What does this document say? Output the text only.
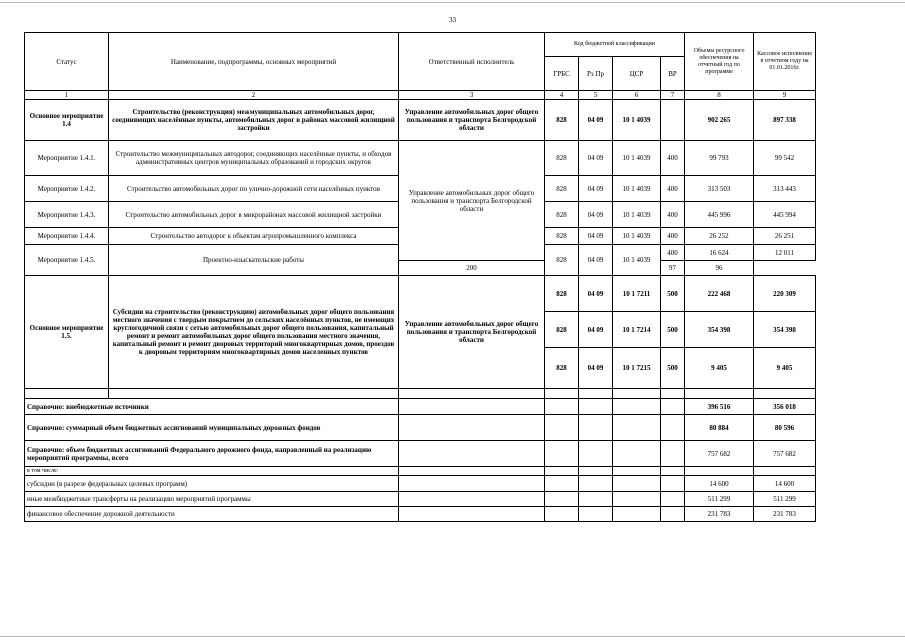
33
Статус	Наименование, подпрограммы, основных мероприятий	Ответственный исполнитель	Код бюджетной классификации				Объемы ресурсного обеспечения на отчетный год по программе	Кассовое исполнение в отчетном году на 01.01.2016г.
			ГРБС	Рз Пр	ЦСР	ВР		
1	2	3	4	5	6	7	8	9
Основное мероприятие 1.4	Строительство (реконструкция) межмуниципальных автомобильных дорог, соединяющих населённые пункты, автомобильных дорог в районах массовой жилищной застройки	Управление автомобильных дорог общего пользования и транспорта Белгородской области	828	04 09	10 1 4039		902 265	897 338
Мероприятие 1.4.1.	Строительство межмуниципальных автодорог, соединяющих населённые пункты, и обходов административных центров муниципальных образований и городских округов	Управление автомобильных дорог общего пользования и транспорта Белгородской области	828	04 09	10 1 4039	400	99 793	99 542
Мероприятие 1.4.2.	Строительство автомобильных дорог по улично-дорожной сети населённых пунктов		828	04 09	10 1 4039	400	313 503	313 443
Мероприятие 1.4.3.	Строительство автомобильных дорог в микрорайонах массовой жилищной застройки		828	04 09	10 1 4039	400	445 996	445 994
Мероприятие 1.4.4.	Строительство автодорог к объектам агропромышленного комплекса		828	04 09	10 1 4039	400	26 252	26 251
Мероприятие 1.4.5.	Проектно-изыскательские работы		828	04 09	10 1 4039	400	16 624	12 011
		200				97	96	
Основное мероприятие 1.5.	Субсидии на строительство (реконструкцию) автомобильных дорог общего пользования местного значения с твердым покрытием до сельских населённых пунктов, не имеющих круглогодичной связи с сетью автомобильных дорог общего пользования, капитальный ремонт и ремонт автомобильных дорог общего пользования местного значения, капитальный ремонт и ремонт дворовых территорий многоквартирных домов, проездов к дворовым территориям многоквартирных домов населенных пунктов	Управление автомобильных дорог общего пользования и транспорта Белгородской области	828	04 09	10 1 7211	500	222 468	220 309
			828	04 09	10 1 7214	500	354 398	354 398
			828	04 09	10 1 7215	500	9 405	9 405

Справочно: внебюджетные источники							396 516	356 018
Справочно: суммарный объем бюджетных ассигнований муниципальных дорожных фондов							80 884	80 596
Справочно: объем бюджетных ассигнований Федерального дорожного фонда, направленный на реализацию мероприятий программы, всего							757 682	757 682
в том числе:								
субсидии (в разрезе федеральных целевых программ)							14 600	14 600
иные межбюджетные трансферты на реализацию мероприятий программы							511 299	511 299
финансовое обеспечение дорожной деятельности							231 783	231 783
